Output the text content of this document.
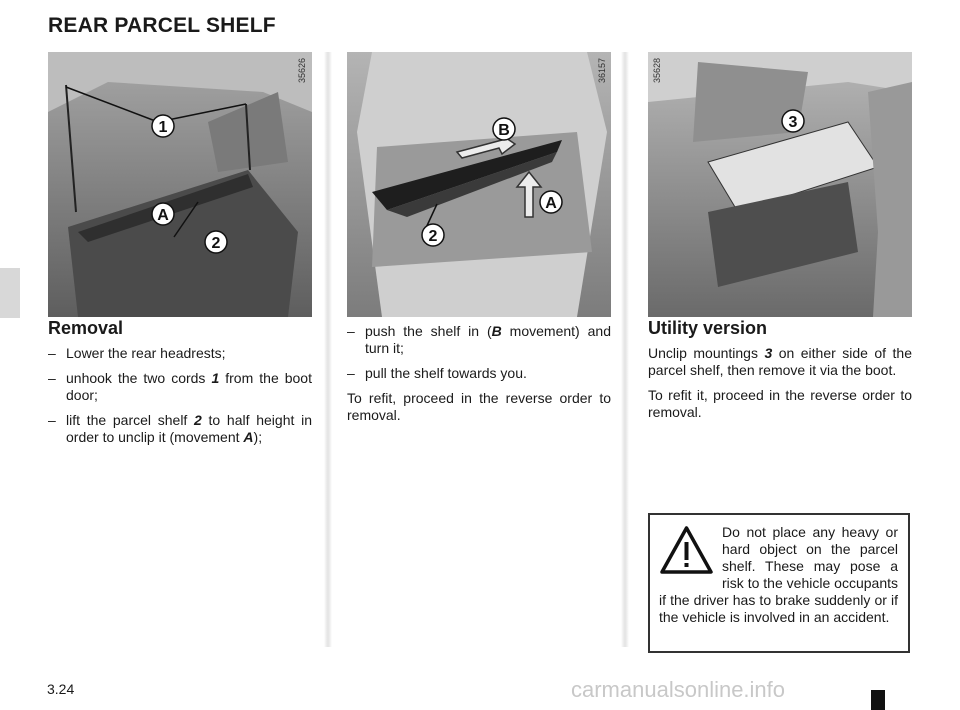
REAR PARCEL SHELF
1
A
2
35626
B
A
2
36157
3
35628
Removal
– Lower the rear headrests;
– unhook the two cords 1 from the boot door;
– lift the parcel shelf 2 to half height in order to unclip it (movement A);
– push the shelf in (B movement) and turn it;
– pull the shelf towards you.

To refit, proceed in the reverse order to removal.

Utility version

Unclip mountings 3 on either side of the parcel shelf, then remove it via the boot.

To refit it, proceed in the reverse order to removal.

Do not place any heavy or hard object on the parcel shelf. These may pose a risk to the vehicle occupants if the driver has to brake suddenly or if the vehicle is involved in an accident.
3.24	carmanualsonline.info
